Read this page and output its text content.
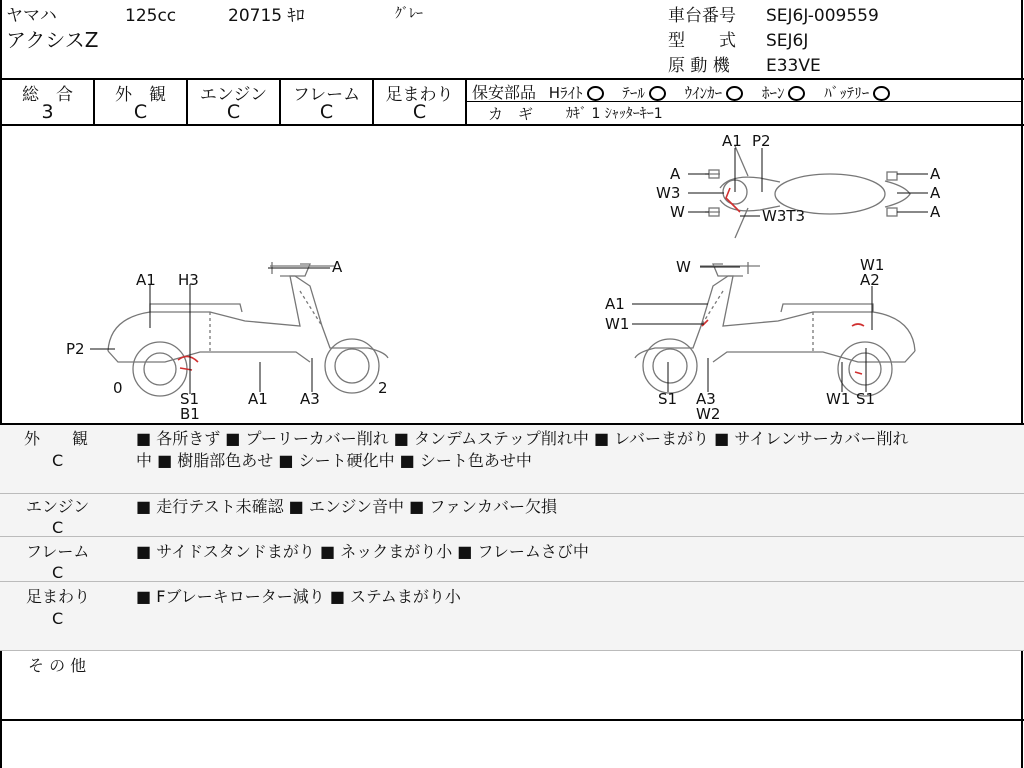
ヤマハ	125cc	20715 ｷﾛ	ｸﾞﾚｰ
アクシスZ
車台番号 SEJ6J-009559
型　　式 SEJ6J
原 動 機 E33VE
総　合
3
外　観
C
エンジン
C
フレーム
C
足まわり
C
保安部品 Hﾗｲﾄ	ﾃｰﾙ	ｳｲﾝｶｰ	ﾎｰﾝ	ﾊﾞｯﾃﾘｰ
カ　ギ ｶｷﾞ 1 ｼｬｯﾀｰｷｰ1
A
A1 H3
P2
0
S1
B1
A1 A3
2
W	W1
A2
A1
W1
S1 A3
W2
W1 S1
A1 P2
A	A
W3	A
W	W3T3	A
外　　観
C
■ 各所きず ■ プーリーカバー削れ ■ タンデムステップ削れ中 ■ レバーまがり ■ サイレンサーカバー削れ
中 ■ 樹脂部色あせ ■ シート硬化中 ■ シート色あせ中
エンジン
C
■ 走行テスト未確認 ■ エンジン音中 ■ ファンカバー欠損
フレーム
C
■ サイドスタンドまがり ■ ネックまがり小 ■ フレームさび中
足まわり
C
■ Fブレーキローター減り ■ ステムまがり小
そ の 他
